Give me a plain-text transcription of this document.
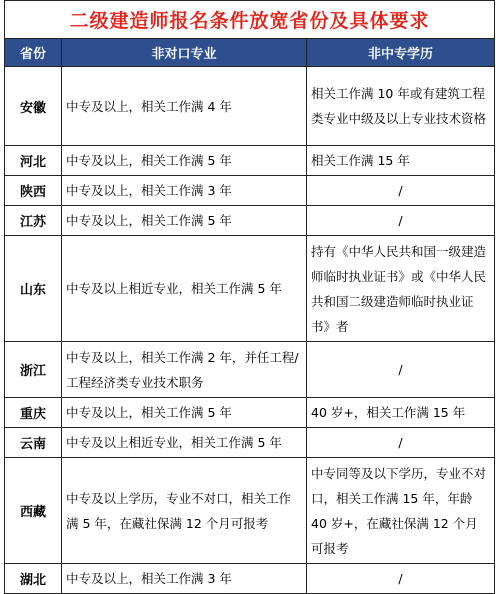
二级建造师报名条件放宽省份及具体要求		
省份	非对口专业	非中专学历
安徽	中专及以上，相关工作满 4 年	相关工作满 10 年或有建筑工程类专业中级及以上专业技术资格
河北	中专及以上，相关工作满 5 年	相关工作满 15 年
陕西	中专及以上，相关工作满 3 年	/
江苏	中专及以上，相关工作满 5 年	/
山东	中专及以上相近专业，相关工作满 5 年	持有《中华人民共和国一级建造师临时执业证书》或《中华人民共和国二级建造师临时执业证书》者
浙江	中专及以上，相关工作满 2 年，并任工程/工程经济类专业技术职务	/
重庆	中专及以上，相关工作满 5 年	40 岁+，相关工作满 15 年
云南	中专及以上相近专业，相关工作满 5 年	/
西藏	中专及以上学历，专业不对口，相关工作满 5 年，在藏社保满 12 个月可报考	中专同等及以下学历，专业不对口，相关工作满 15 年，年龄 40 岁+，在藏社保满 12 个月可报考
湖北	中专及以上，相关工作满 3 年	/
